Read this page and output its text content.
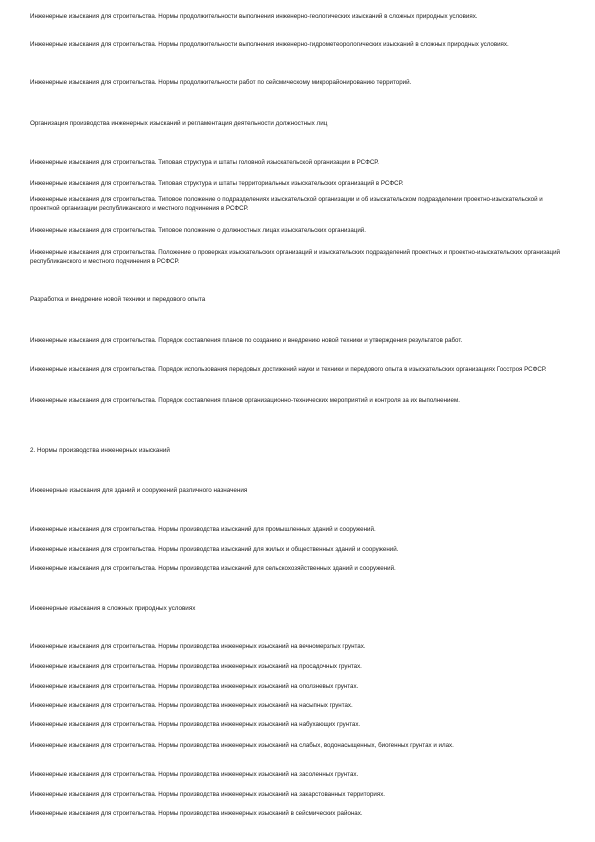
Инженерные изыскания для строительства. Нормы продолжительности выполнения инженерно-геологических изысканий в сложных природных условиях.

Инженерные изыскания для строительства. Нормы продолжительности выполнения инженерно-гидрометеорологических изысканий в сложных природных условиях.

Инженерные изыскания для строительства. Нормы продолжительности работ по сейсмическому микрорайонированию территорий.

Организация производства инженерных изысканий и регламентация деятельности должностных лиц

Инженерные изыскания для строительства. Типовая структура и штаты головной изыскательской организации в РСФСР.

Инженерные изыскания для строительства. Типовая структура и штаты территориальных изыскательских организаций в РСФСР.

Инженерные изыскания для строительства. Типовое положение о подразделениях изыскательской организации и об изыскательском подразделении проектно-изыскательской и проектной организации республиканского и местного подчинения в РСФСР.

Инженерные изыскания для строительства. Типовое положение о должностных лицах изыскательских организаций.

Инженерные изыскания для строительства. Положение о проверках изыскательских организаций и изыскательских подразделений проектных и проектно-изыскательских организаций республиканского и местного подчинения в РСФСР.

Разработка и внедрение новой техники и передового опыта

Инженерные изыскания для строительства. Порядок составления планов по созданию и внедрению новой техники и утверждения результатов работ.

Инженерные изыскания для строительства. Порядок использования передовых достижений науки и техники и передового опыта в изыскательских организациях Госстроя РСФСР.

Инженерные изыскания для строительства. Порядок составления планов организационно-технических мероприятий и контроля за их выполнением.

2. Нормы производства инженерных изысканий

Инженерные изыскания для зданий и сооружений различного назначения

Инженерные изыскания для строительства. Нормы производства изысканий для промышленных зданий и сооружений.

Инженерные изыскания для строительства. Нормы производства изысканий для жилых и общественных зданий и сооружений.

Инженерные изыскания для строительства. Нормы производства изысканий для сельскохозяйственных зданий и сооружений.

Инженерные изыскания в сложных природных условиях

Инженерные изыскания для строительства. Нормы производства инженерных изысканий на вечномерзлых грунтах.

Инженерные изыскания для строительства. Нормы производства инженерных изысканий на просадочных грунтах.

Инженерные изыскания для строительства. Нормы производства инженерных изысканий на оползневых грунтах.

Инженерные изыскания для строительства. Нормы производства инженерных изысканий на насыпных грунтах.

Инженерные изыскания для строительства. Нормы производства инженерных изысканий на набухающих грунтах.

Инженерные изыскания для строительства. Нормы производства инженерных изысканий на слабых, водонасыщенных, биогенных грунтах и илах.

Инженерные изыскания для строительства. Нормы производства инженерных изысканий на засоленных грунтах.

Инженерные изыскания для строительства. Нормы производства инженерных изысканий на закарстованных территориях.

Инженерные изыскания для строительства. Нормы производства инженерных изысканий в сейсмических районах.
